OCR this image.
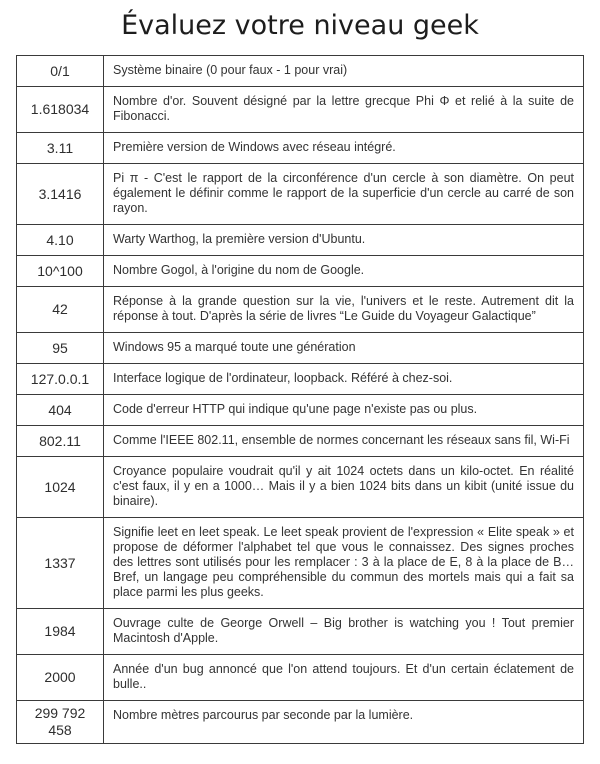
Évaluez votre niveau geek
0/1	Système binaire (0 pour faux - 1 pour vrai)
1.618034	Nombre d'or. Souvent désigné par la lettre grecque Phi Φ et relié à la suite de Fibonacci.
3.11	Première version de Windows avec réseau intégré.
3.1416	Pi π - C'est le rapport de la circonférence d'un cercle à son diamètre. On peut également le définir comme le rapport de la superficie d'un cercle au carré de son rayon.
4.10	Warty Warthog, la première version d'Ubuntu.
10^100	Nombre Gogol, à l'origine du nom de Google.
42	Réponse à la grande question sur la vie, l'univers et le reste. Autrement dit la réponse à tout. D'après la série de livres “Le Guide du Voyageur Galactique”
95	Windows 95 a marqué toute une génération
127.0.0.1	Interface logique de l'ordinateur, loopback. Référé à chez-soi.
404	Code d'erreur HTTP qui indique qu'une page n'existe pas ou plus.
802.11	Comme l'IEEE 802.11, ensemble de normes concernant les réseaux sans fil, Wi-Fi
1024	Croyance populaire voudrait qu'il y ait 1024 octets dans un kilo-octet. En réalité c'est faux, il y en a 1000… Mais il y a bien 1024 bits dans un kibit (unité issue du binaire).
1337	Signifie leet en leet speak. Le leet speak provient de l'expression « Elite speak » et propose de déformer l'alphabet tel que vous le connaissez. Des signes proches des lettres sont utilisés pour les remplacer : 3 à la place de E, 8 à la place de B… Bref, un langage peu compréhensible du commun des mortels mais qui a fait sa place parmi les plus geeks.
1984	Ouvrage culte de George Orwell – Big brother is watching you ! Tout premier Macintosh d'Apple.
2000	Année d'un bug annoncé que l'on attend toujours. Et d'un certain éclatement de bulle..
299 792 458	Nombre mètres parcourus par seconde par la lumière.
